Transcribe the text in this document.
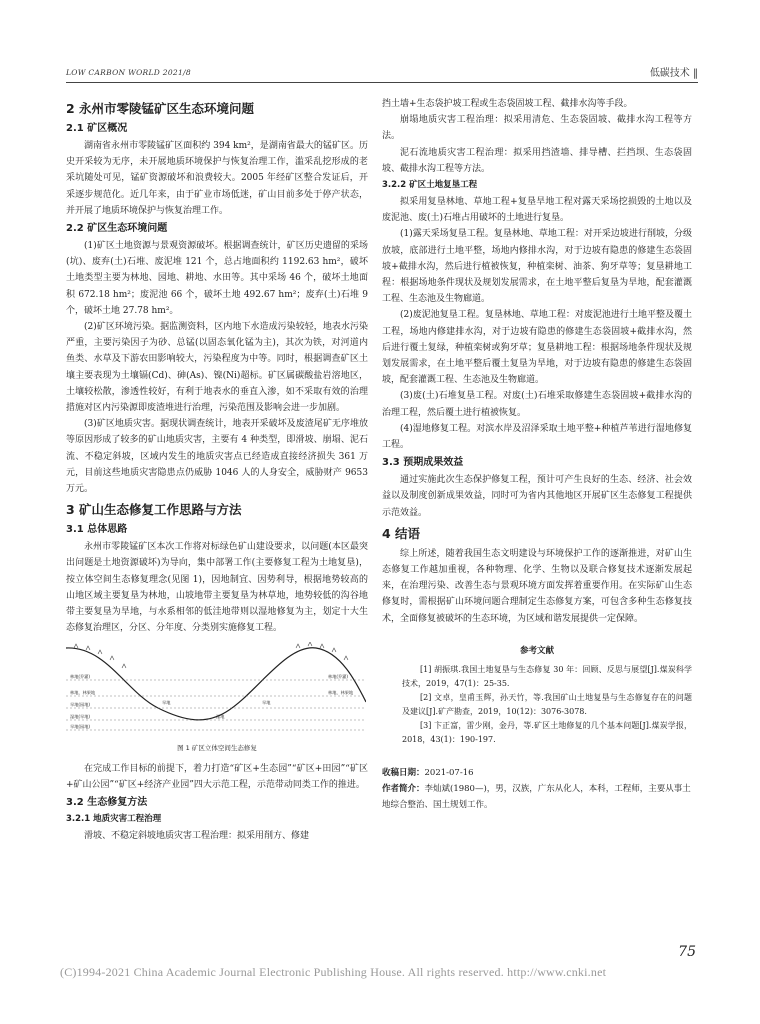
LOW CARBON WORLD 2021/8	低碳技术 ‖
2 永州市零陵锰矿区生态环境问题
2.1 矿区概况

湖南省永州市零陵锰矿区面积约 394 km²，是湖南省最大的锰矿区。历史开采较为无序，未开展地质环境保护与恢复治理工作，滥采乱挖形成的老采坑随处可见，锰矿资源破坏和浪费较大。2005 年经矿区整合发证后，开采逐步规范化。近几年来，由于矿业市场低迷，矿山目前多处于停产状态，并开展了地质环境保护与恢复治理工作。

2.2 矿区生态环境问题

(1)矿区土地资源与景观资源破坏。根据调查统计，矿区历史遗留的采场(坑)、废弃(土)石堆、废泥堆 121 个，总占地面积约 1192.63 hm²，破坏土地类型主要为林地、园地、耕地、水田等。其中采场 46 个，破坏土地面积 672.18 hm²；废泥池 66 个，破坏土地 492.67 hm²；废弃(土)石堆 9 个，破坏土地 27.78 hm²。

(2)矿区环境污染。据监测资料，区内地下水造成污染较轻，地表水污染严重，主要污染因子为砂、总锰(以固态氧化锰为主)，其次为铁，对河道内鱼类、水草及下游农田影响较大，污染程度为中等。同时，根据调查矿区土壤主要表现为土壤镉(Cd)、砷(As)、镍(Ni)超标。矿区属碳酸盐岩溶地区，土壤较松散，渗透性较好，有利于地表水的垂直入渗，如不采取有效的治理措施对区内污染源即废渣堆进行治理，污染范围及影响会进一步加剧。

(3)矿区地质灾害。据现状调查统计，地表开采破坏及废渣尾矿无序堆放等原因形成了较多的矿山地质灾害，主要有 4 种类型，即滑坡、崩塌、泥石流、不稳定斜坡，区域内发生的地质灾害点已经造成直接经济损失 361 万元，目前这些地质灾害隐患点仍威胁 1046 人的人身安全，威胁财产 9653 万元。

3 矿山生态修复工作思路与方法
3.1 总体思路

永州市零陵锰矿区本次工作将对标绿色矿山建设要求，以问题(本区最突出问题是土地资源破坏)为导向，集中部署工作(主要修复工程为土地复垦)，按立体空间生态修复理念(见图 1)，因地制宜、因势利导，根据地势较高的山地区域主要复垦为林地，山坡地带主要复垦为林草地，地势较低的沟谷地带主要复垦为旱地，与水系相邻的低洼地带则以湿地修复为主，划定十大生态修复治理区，分区、分年度、分类别实施修复工程。

林地(乔灌)
林地、林果地
旱地(园地)
湿地(旱地)
旱地(园地)
林地、林果地
林地(乔灌)
旱地
湿地
旱地
图 1 矿区立体空间生态修复

在完成工作目标的前提下，着力打造“矿区+生态园”“矿区+田园”“矿区+矿山公园”“矿区+经济产业园”四大示范工程，示范带动同类工作的推进。

3.2 生态修复方法
3.2.1 地质灾害工程治理

滑坡、不稳定斜坡地质灾害工程治理：拟采用削方、修建

挡土墙+生态袋护坡工程或生态袋固坡工程、截排水沟等手段。

崩塌地质灾害工程治理：拟采用清危、生态袋固坡、截排水沟工程等方法。

泥石流地质灾害工程治理：拟采用挡渣墙、排导槽、拦挡坝、生态袋固坡、截排水沟工程等方法。

3.2.2 矿区土地复垦工程

拟采用复垦林地、草地工程+复垦旱地工程对露天采场挖损毁的土地以及废泥池、废(土)石堆占用破坏的土地进行复垦。

(1)露天采场复垦工程。复垦林地、草地工程：对开采边坡进行削坡，分级放坡，底部进行土地平整，场地内修排水沟，对于边坡有隐患的修建生态袋固坡+截排水沟，然后进行植被恢复，种植栾树、油茶、狗牙草等；复垦耕地工程：根据场地条件现状及规划发展需求，在土地平整后复垦为旱地，配套灌溉工程、生态池及生物廊道。

(2)废泥池复垦工程。复垦林地、草地工程：对废泥池进行土地平整及覆土工程，场地内修建排水沟，对于边坡有隐患的修建生态袋固坡+截排水沟，然后进行覆土复绿，种植栾树或狗牙草；复垦耕地工程：根据场地条件现状及规划发展需求，在土地平整后覆土复垦为旱地，对于边坡有隐患的修建生态袋固坡，配套灌溉工程、生态池及生物廊道。

(3)废(土)石堆复垦工程。对废(土)石堆采取修建生态袋固坡+截排水沟的治理工程，然后覆土进行植被恢复。

(4)湿地修复工程。对滨水岸及沼泽采取土地平整+种植芦苇进行湿地修复工程。

3.3 预期成果效益

通过实施此次生态保护修复工程，预计可产生良好的生态、经济、社会效益以及制度创新成果效益，同时可为省内其他地区开展矿区生态修复工程提供示范效益。

4 结语

综上所述，随着我国生态文明建设与环境保护工作的逐渐推进，对矿山生态修复工作越加重视，各种物理、化学、生物以及联合修复技术逐渐发展起来，在治理污染、改善生态与景观环境方面发挥着重要作用。在实际矿山生态修复时，需根据矿山环境问题合理制定生态修复方案，可包含多种生态修复技术，全面修复被破坏的生态环境，为区域和谐发展提供一定保障。

参考文献

[1] 胡振琪.我国土地复垦与生态修复 30 年：回顾、反思与展望[J].煤炭科学技术，2019，47(1)：25-35.

[2] 文卓，皇甫玉辉，孙天竹，等.我国矿山土地复垦与生态修复存在的问题及建议[J].矿产勘查，2019，10(12)：3076-3078.

[3] 卞正富，雷少刚，金丹，等.矿区土地修复的几个基本问题[J].煤炭学报，2018，43(1)：190-197.

收稿日期：2021-07-16
作者简介：李灿斌(1980—)，男，汉族，广东从化人，本科，工程师，主要从事土地综合整治、国土规划工作。
75
(C)1994-2021 China Academic Journal Electronic Publishing House. All rights reserved. http://www.cnki.net
